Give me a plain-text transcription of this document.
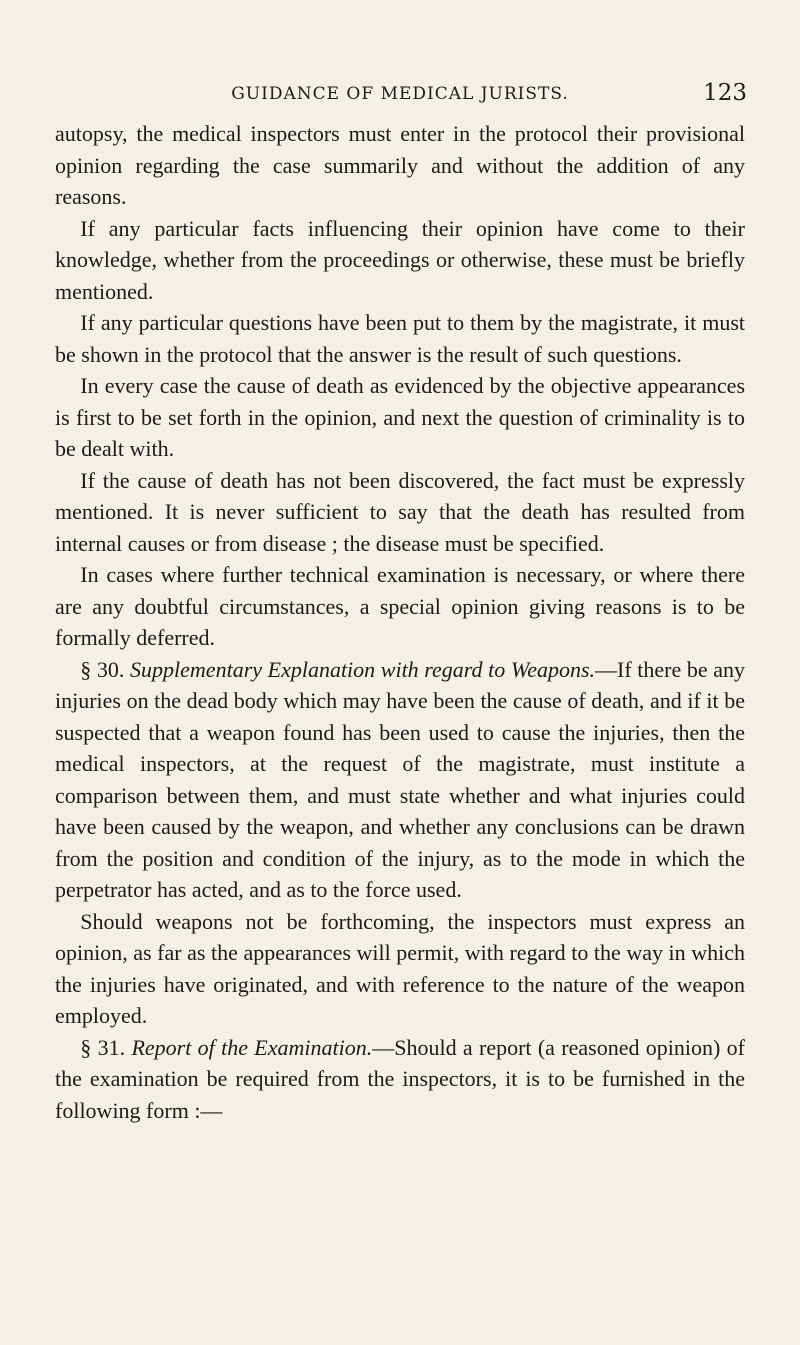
GUIDANCE OF MEDICAL JURISTS.	123

autopsy, the medical inspectors must enter in the protocol their provisional opinion regarding the case summarily and without the addition of any reasons.

If any particular facts influencing their opinion have come to their knowledge, whether from the proceedings or otherwise, these must be briefly mentioned.

If any particular questions have been put to them by the magistrate, it must be shown in the protocol that the answer is the result of such questions.

In every case the cause of death as evidenced by the objective appearances is first to be set forth in the opinion, and next the question of criminality is to be dealt with.

If the cause of death has not been discovered, the fact must be expressly mentioned. It is never sufficient to say that the death has resulted from internal causes or from disease ; the disease must be specified.

In cases where further technical examination is necessary, or where there are any doubtful circumstances, a special opinion giving reasons is to be formally deferred.

§ 30. Supplementary Explanation with regard to Weapons.—If there be any injuries on the dead body which may have been the cause of death, and if it be suspected that a weapon found has been used to cause the injuries, then the medical inspectors, at the request of the magistrate, must institute a comparison between them, and must state whether and what injuries could have been caused by the weapon, and whether any conclusions can be drawn from the position and condition of the injury, as to the mode in which the perpetrator has acted, and as to the force used.

Should weapons not be forthcoming, the inspectors must express an opinion, as far as the appearances will permit, with regard to the way in which the injuries have originated, and with reference to the nature of the weapon employed.

§ 31. Report of the Examination.—Should a report (a reasoned opinion) of the examination be required from the inspectors, it is to be furnished in the following form :—
